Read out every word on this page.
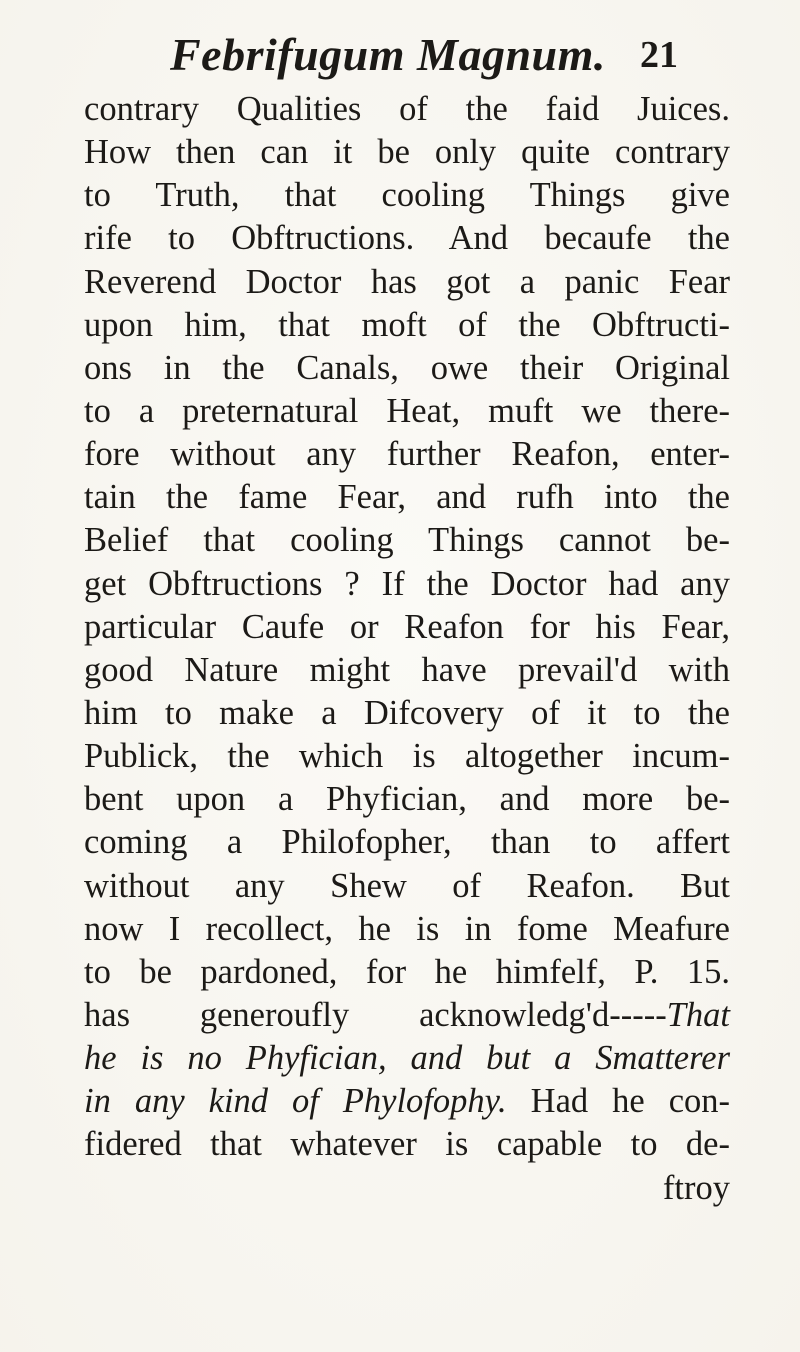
Febrifugum Magnum. 21
contrary Qualities of the faid Juices.
How then can it be only quite contrary
to Truth, that cooling Things give
rife to Obftructions. And becaufe the
Reverend Doctor has got a panic Fear
upon him, that moft of the Obftructi-
ons in the Canals, owe their Original
to a preternatural Heat, muft we there-
fore without any further Reafon, enter-
tain the fame Fear, and rufh into the
Belief that cooling Things cannot be-
get Obftructions ? If the Doctor had any
particular Caufe or Reafon for his Fear,
good Nature might have prevail'd with
him to make a Difcovery of it to the
Publick, the which is altogether incum-
bent upon a Phyfician, and more be-
coming a Philofopher, than to affert
without any Shew of Reafon. But
now I recollect, he is in fome Meafure
to be pardoned, for he himfelf, P. 15.
has generoufly acknowledg'd-----That
he is no Phyfician, and but a Smatterer
in any kind of Phylofophy. Had he con-
fidered that whatever is capable to de-
ftroy
